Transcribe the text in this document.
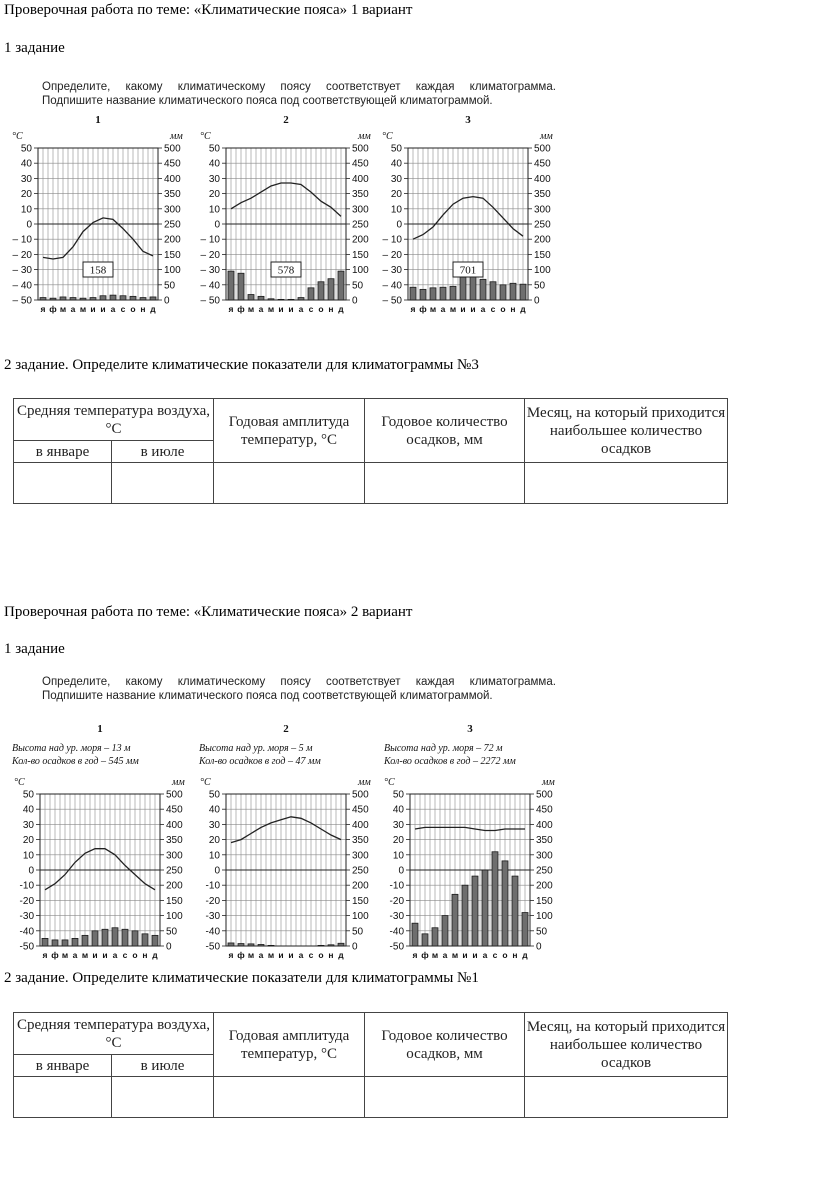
Проверочная работа по теме: «Климатические пояса» 1 вариант
1 задание
Определите, какому климатическому поясу соответствует каждая климатограмма.
Подпишите название климатического пояса под соответствующей климатограммой.
1
°С	мм
50
40
30
20
10
0
– 10
– 20
– 30
– 40
– 50
500
450
400
350
300
250
200
150
100
50
0
158
я ф м а м и и а с о н д
2
°С	мм
50
40
30
20
10
0
– 10
– 20
– 30
– 40
– 50
500
450
400
350
300
250
200
150
100
50
0
578
я ф м а м и и а с о н д
3
°С	мм
50
40
30
20
10
0
– 10
– 20
– 30
– 40
– 50
500
450
400
350
300
250
200
150
100
50
0
701
я ф м а м и и а с о н д
2 задание. Определите климатические показатели для климатограммы №3
Средняя температура воздуха, °С		Годовая амплитуда температур, °С	Годовое количество осадков, мм	Месяц, на который приходится наибольшее количество осадков
в январе	в июле			

Проверочная работа по теме: «Климатические пояса» 2 вариант
1 задание
Определите, какому климатическому поясу соответствует каждая климатограмма.
Подпишите название климатического пояса под соответствующей климатограммой.
Высота над ур. моря – 13 м
Кол-во осадков в год – 545 мм
Высота над ур. моря – 5 м
Кол-во осадков в год – 47 мм
Высота над ур. моря – 72 м
Кол-во осадков в год – 2272 мм
1
°С	мм
50
40
30
20
10
0
-10
-20
-30
-40
-50
500
450
400
350
300
250
200
150
100
50
0
я ф м а м и и а с о н д
2
°С	мм
50
40
30
20
10
0
-10
-20
-30
-40
-50
500
450
400
350
300
250
200
150
100
50
0
я ф м а м и и а с о н д
3
°С	мм
50
40
30
20
10
0
-10
-20
-30
-40
-50
500
450
400
350
300
250
200
150
100
50
0
я ф м а м и и а с о н д
2 задание. Определите климатические показатели для климатограммы №1
Средняя температура воздуха, °С		Годовая амплитуда температур, °С	Годовое количество осадков, мм	Месяц, на который приходится наибольшее количество осадков
в январе	в июле			
